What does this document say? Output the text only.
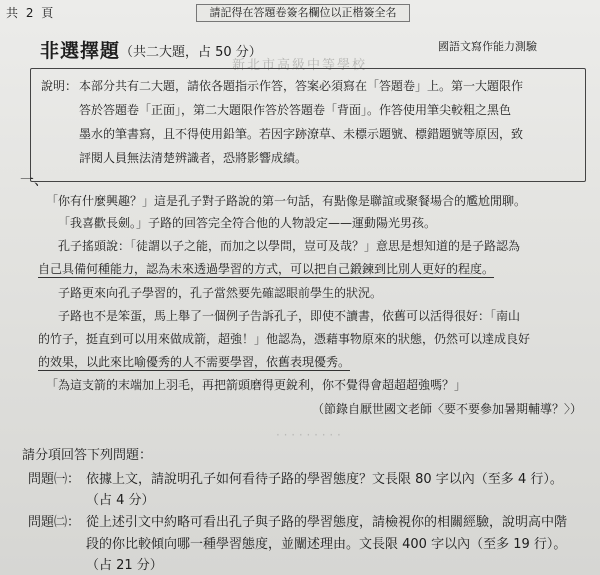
共 2 頁	請記得在答題卷簽名欄位以正楷簽全名
國語文寫作能力測驗
新北市高級中等學校
非選擇題 （共二大題，占 50 分）
說明： 本部分共有二大題，請依各題指示作答，答案必須寫在「答題卷」上。第一大題限作
答於答題卷「正面」，第二大題限作答於答題卷「背面」。作答使用筆尖較粗之黑色
墨水的筆書寫，且不得使用鉛筆。若因字跡潦草、未標示題號、標錯題號等原因，致
評閱人員無法清楚辨識者，恐將影響成績。
一、
「你有什麼興趣？」這是孔子對子路說的第一句話，有點像是聯誼或聚餐場合的尷尬閒聊。
「我喜歡長劍。」子路的回答完全符合他的人物設定——運動陽光男孩。
孔子搖頭說：「徒謂以子之能，而加之以學問，豈可及哉？」意思是想知道的是子路認為
自己具備何種能力，認為未來透過學習的方式，可以把自己鍛鍊到比別人更好的程度。
子路更來向孔子學習的，孔子當然要先確認眼前學生的狀況。
子路也不是笨蛋，馬上舉了一個例子告訴孔子，即使不讀書，依舊可以活得很好：「南山
的竹子，挺直到可以用來做成箭，超強！」他認為，憑藉事物原來的狀態，仍然可以達成良好
的效果，以此來比喻優秀的人不需要學習，依舊表現優秀。
「為這支箭的末端加上羽毛，再把箭頭磨得更銳利，你不覺得會超超超強嗎？」
（節錄自厭世國文老師〈要不要參加暑期輔導？〉）
· · · · · · · · ·
請分項回答下列問題：
問題㈠： 依據上文，請說明孔子如何看待子路的學習態度？文長限 80 字以內（至多 4 行）。
（占 4 分）
問題㈡： 從上述引文中約略可看出孔子與子路的學習態度，請檢視你的相關經驗，說明高中階
段的你比較傾向哪一種學習態度，並闡述理由。文長限 400 字以內（至多 19 行）。
（占 21 分）
